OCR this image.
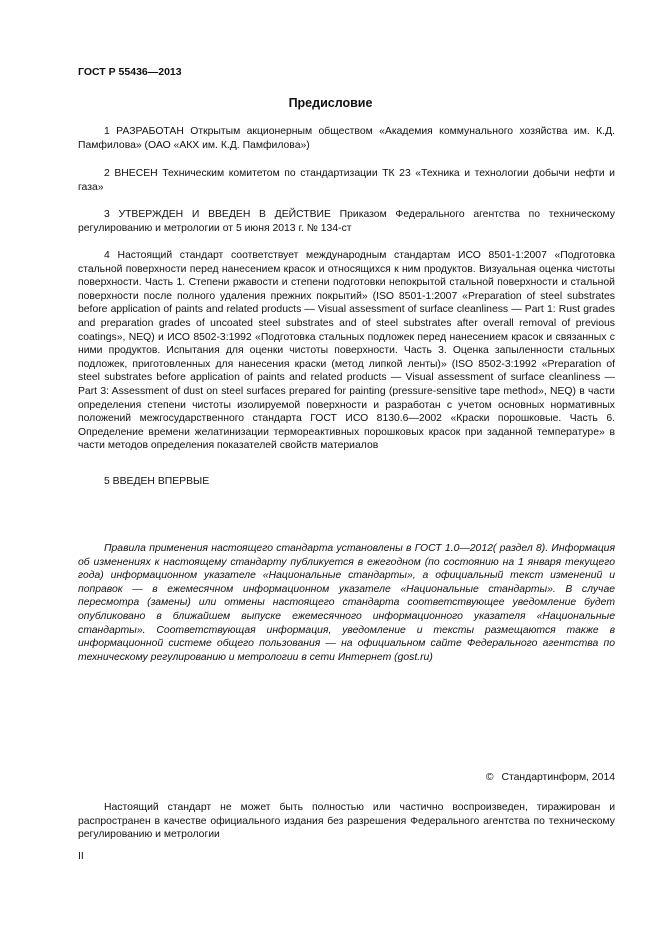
ГОСТ Р 55436—2013
Предисловие

1 РАЗРАБОТАН Открытым акционерным обществом «Академия коммунального хозяйства им. К.Д. Памфилова» (ОАО «АКХ им. К.Д. Памфилова»)

2 ВНЕСЕН Техническим комитетом по стандартизации ТК 23 «Техника и технологии добычи нефти и газа»

3 УТВЕРЖДЕН И ВВЕДЕН В ДЕЙСТВИЕ Приказом Федерального агентства по техническому регулированию и метрологии от 5 июня 2013 г. № 134-ст

4 Настоящий стандарт соответствует международным стандартам ИСО 8501-1:2007 «Подготовка стальной поверхности перед нанесением красок и относящихся к ним продуктов. Визуальная оценка чистоты поверхности. Часть 1. Степени ржавости и степени подготовки непокрытой стальной поверхности и стальной поверхности после полного удаления прежних покрытий» (ISO 8501-1:2007 «Preparation of steel substrates before application of paints and related products — Visual assessment of surface cleanliness — Part 1: Rust grades and preparation grades of uncoated steel substrates and of steel substrates after overall removal of previous coatings», NEQ) и ИСО 8502-3:1992 «Подготовка стальных подложек перед нанесением красок и связанных с ними продуктов. Испытания для оценки чистоты поверхности. Часть 3. Оценка запыленности стальных подложек, приготовленных для нанесения краски (метод липкой ленты)» (ISO 8502-3:1992 «Preparation of steel substrates before application of paints and related products — Visual assessment of surface cleanliness — Part 3: Assessment of dust on steel surfaces prepared for painting (pressure-sensitive tape method», NEQ) в части определения степени чистоты изолируемой поверхности и разработан с учетом основных нормативных положений межгосударственного стандарта ГОСТ ИСО 8130.6—2002 «Краски порошковые. Часть 6. Определение времени желатинизации термореактивных порошковых красок при заданной температуре» в части методов определения показателей свойств материалов

5 ВВЕДЕН ВПЕРВЫЕ

Правила применения настоящего стандарта установлены в ГОСТ 1.0—2012( раздел 8). Информация об изменениях к настоящему стандарту публикуется в ежегодном (по состоянию на 1 января текущего года) информационном указателе «Национальные стандарты», а официальный текст изменений и поправок — в ежемесячном информационном указателе «Национальные стандарты». В случае пересмотра (замены) или отмены настоящего стандарта соответствующее уведомление будет опубликовано в ближайшем выпуске ежемесячного информационного указателя «Национальные стандарты». Соответствующая информация, уведомление и тексты размещаются также в информационной системе общего пользования — на официальном сайте Федерального агентства по техническому регулированию и метрологии в сети Интернет (gost.ru)

© Стандартинформ, 2014

Настоящий стандарт не может быть полностью или частично воспроизведен, тиражирован и распространен в качестве официального издания без разрешения Федерального агентства по техническому регулированию и метрологии

II
